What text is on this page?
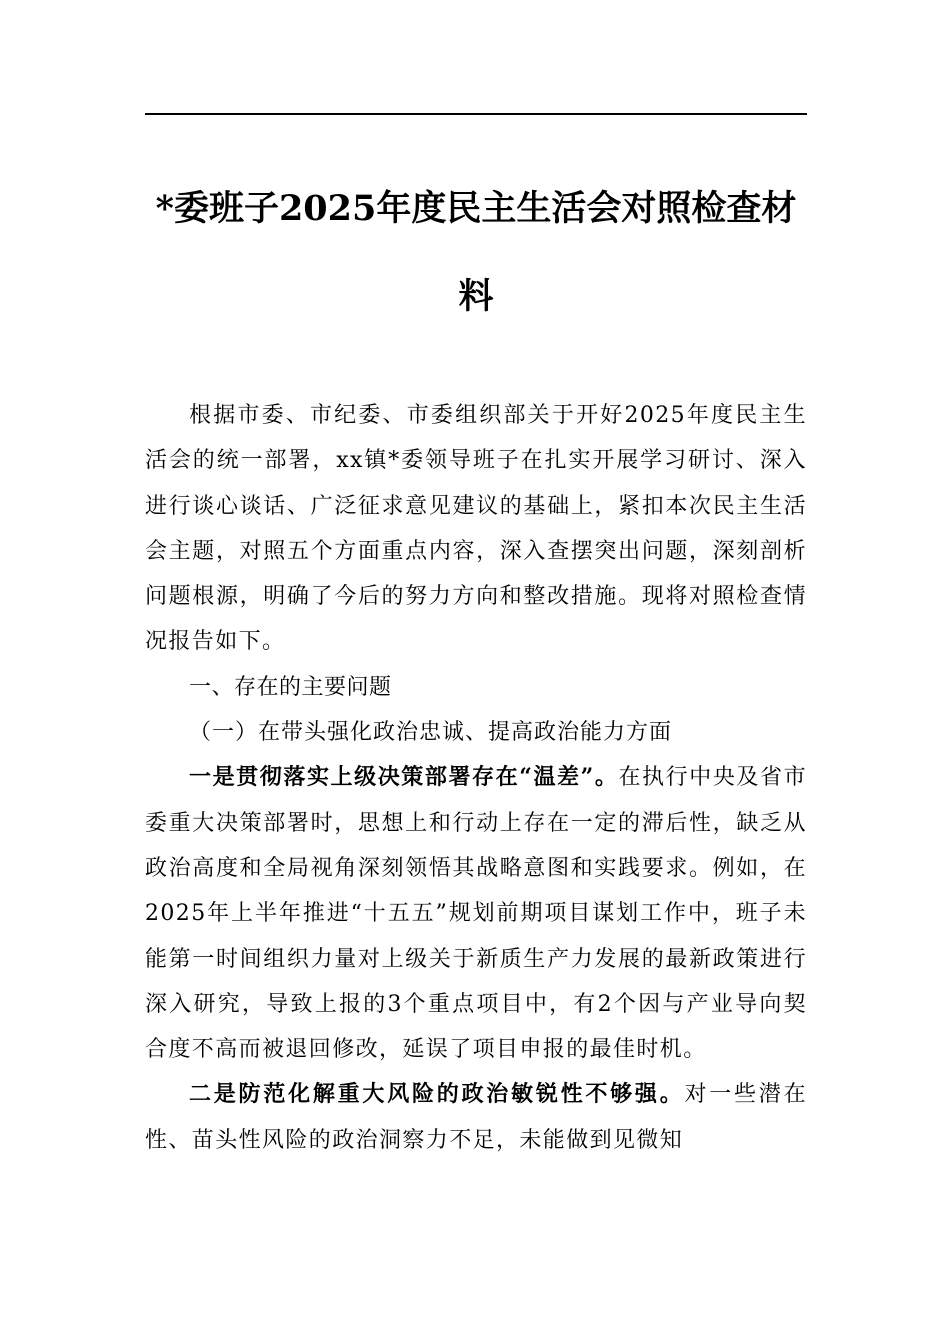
*委班子2025年度民主生活会对照检查材料

根据市委、市纪委、市委组织部关于开好2025年度民主生活会的统一部署，xx镇*委领导班子在扎实开展学习研讨、深入进行谈心谈话、广泛征求意见建议的基础上，紧扣本次民主生活会主题，对照五个方面重点内容，深入查摆突出问题，深刻剖析问题根源，明确了今后的努力方向和整改措施。现将对照检查情况报告如下。

一、存在的主要问题

（一）在带头强化政治忠诚、提高政治能力方面

一是贯彻落实上级决策部署存在“温差”。在执行中央及省市委重大决策部署时，思想上和行动上存在一定的滞后性，缺乏从政治高度和全局视角深刻领悟其战略意图和实践要求。例如，在2025年上半年推进“十五五”规划前期项目谋划工作中，班子未能第一时间组织力量对上级关于新质生产力发展的最新政策进行深入研究，导致上报的3个重点项目中，有2个因与产业导向契合度不高而被退回修改，延误了项目申报的最佳时机。

二是防范化解重大风险的政治敏锐性不够强。对一些潜在性、苗头性风险的政治洞察力不足，未能做到见微知
